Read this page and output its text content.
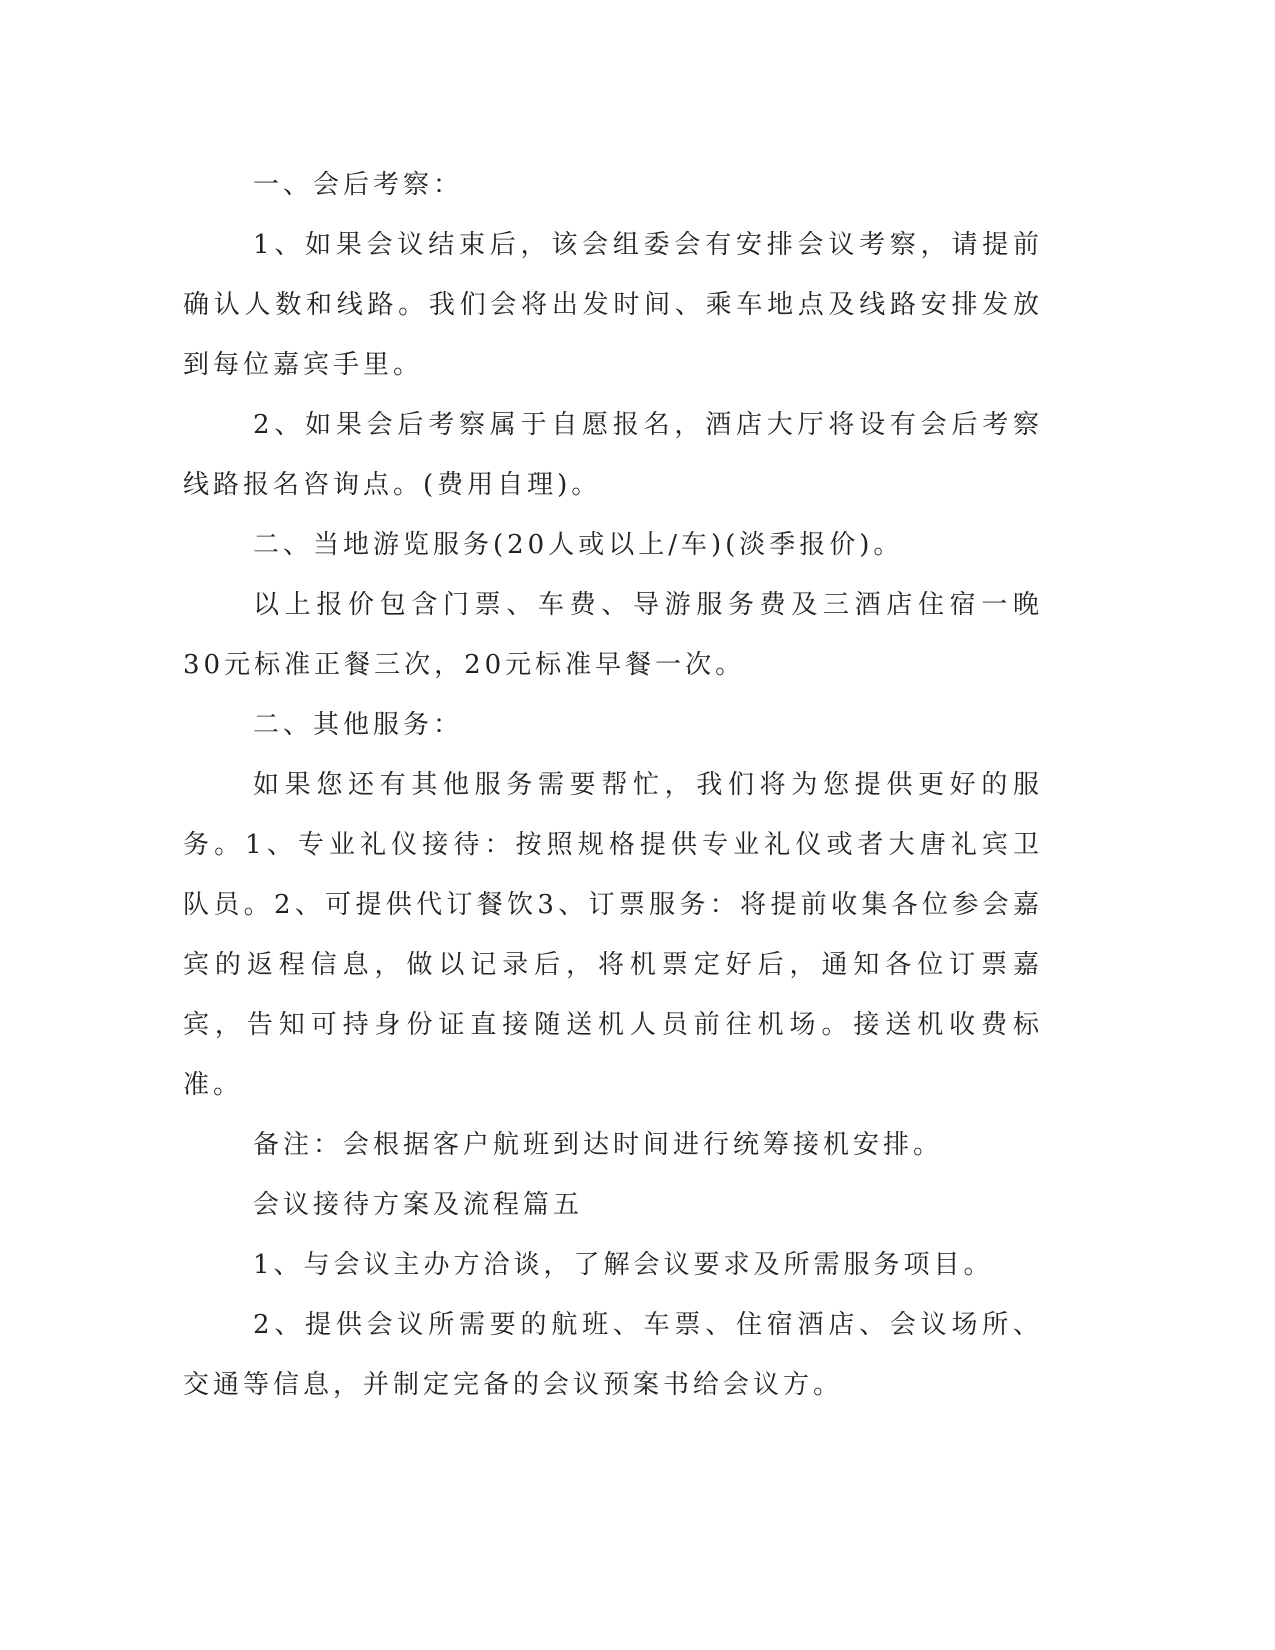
一、会后考察：

1、如果会议结束后，该会组委会有安排会议考察，请提前确认人数和线路。我们会将出发时间、乘车地点及线路安排发放到每位嘉宾手里。

2、如果会后考察属于自愿报名，酒店大厅将设有会后考察线路报名咨询点。(费用自理)。

二、当地游览服务(20人或以上/车)(淡季报价)。

以上报价包含门票、车费、导游服务费及三酒店住宿一晚30元标准正餐三次，20元标准早餐一次。

二、其他服务：

如果您还有其他服务需要帮忙，我们将为您提供更好的服务。1、专业礼仪接待：按照规格提供专业礼仪或者大唐礼宾卫队员。2、可提供代订餐饮3、订票服务：将提前收集各位参会嘉宾的返程信息，做以记录后，将机票定好后，通知各位订票嘉宾，告知可持身份证直接随送机人员前往机场。接送机收费标准。

备注：会根据客户航班到达时间进行统筹接机安排。

会议接待方案及流程篇五

1、与会议主办方洽谈，了解会议要求及所需服务项目。

2、提供会议所需要的航班、车票、住宿酒店、会议场所、交通等信息，并制定完备的会议预案书给会议方。
